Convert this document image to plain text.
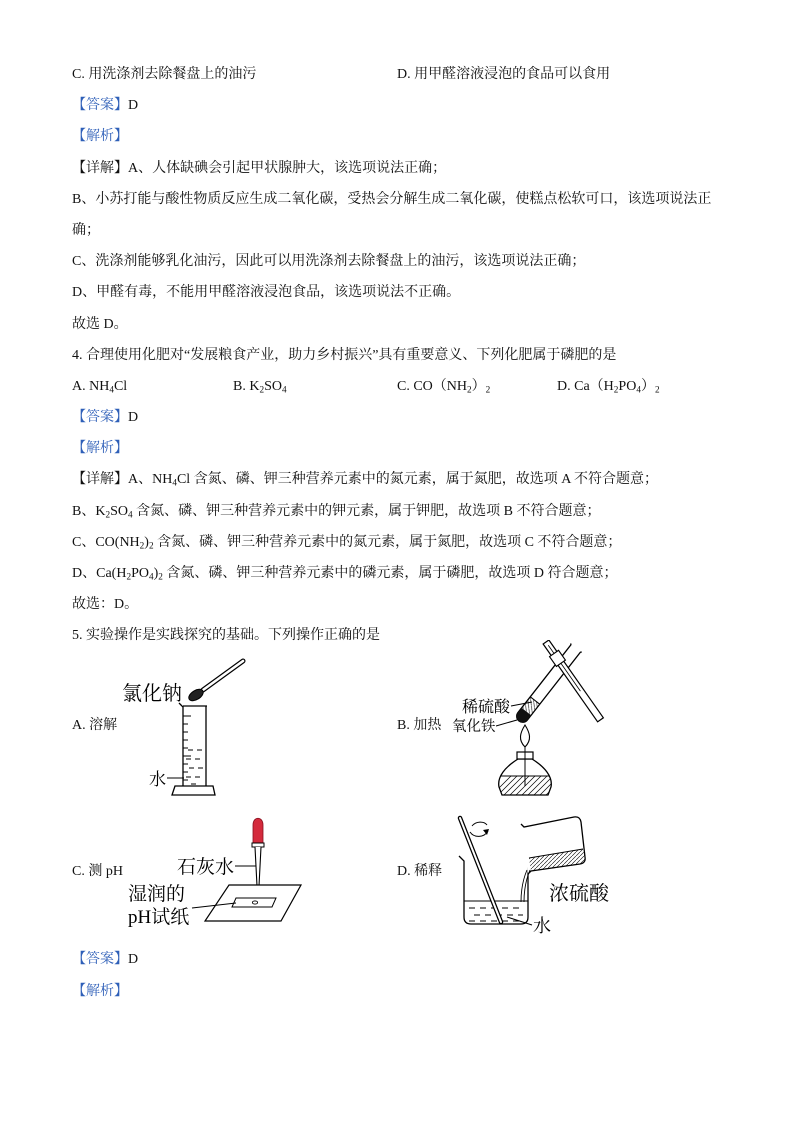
C. 用洗涤剂去除餐盘上的油污	D. 用甲醛溶液浸泡的食品可以食用
【答案】D
【解析】
【详解】A、人体缺碘会引起甲状腺肿大，该选项说法正确；
B、小苏打能与酸性物质反应生成二氧化碳，受热会分解生成二氧化碳，使糕点松软可口，该选项说法正
确；
C、洗涤剂能够乳化油污，因此可以用洗涤剂去除餐盘上的油污，该选项说法正确；
D、甲醛有毒，不能用甲醛溶液浸泡食品，该选项说法不正确。
故选 D。
4. 合理使用化肥对“发展粮食产业，助力乡村振兴”具有重要意义、下列化肥属于磷肥的是
A. $NH_4Cl$	B. $K_2SO_4$	C. $CO(NH_2)_2$	D. $Ca(H_2PO_4)_2$
【答案】D
【解析】
【详解】A、$NH_4Cl$ 含氮、磷、钾三种营养元素中的氮元素，属于氮肥，故选项 A 不符合题意；
B、$K_2SO_4$ 含氮、磷、钾三种营养元素中的钾元素，属于钾肥，故选项 B 不符合题意；
C、$CO(NH_2)_2$ 含氮、磷、钾三种营养元素中的氮元素，属于氮肥，故选项 C 不符合题意；
D、$Ca(H_2PO_4)_2$ 含氮、磷、钾三种营养元素中的磷元素，属于磷肥，故选项 D 符合题意；
故选：D。
5. 实验操作是实践探究的基础。下列操作正确的是
A. 溶解	B. 加热
C. 测 pH	D. 稀释
氯化钠
水
稀硫酸
氧化铁
石灰水
湿润的
pH试纸
浓硫酸
水
【答案】D
【解析】
